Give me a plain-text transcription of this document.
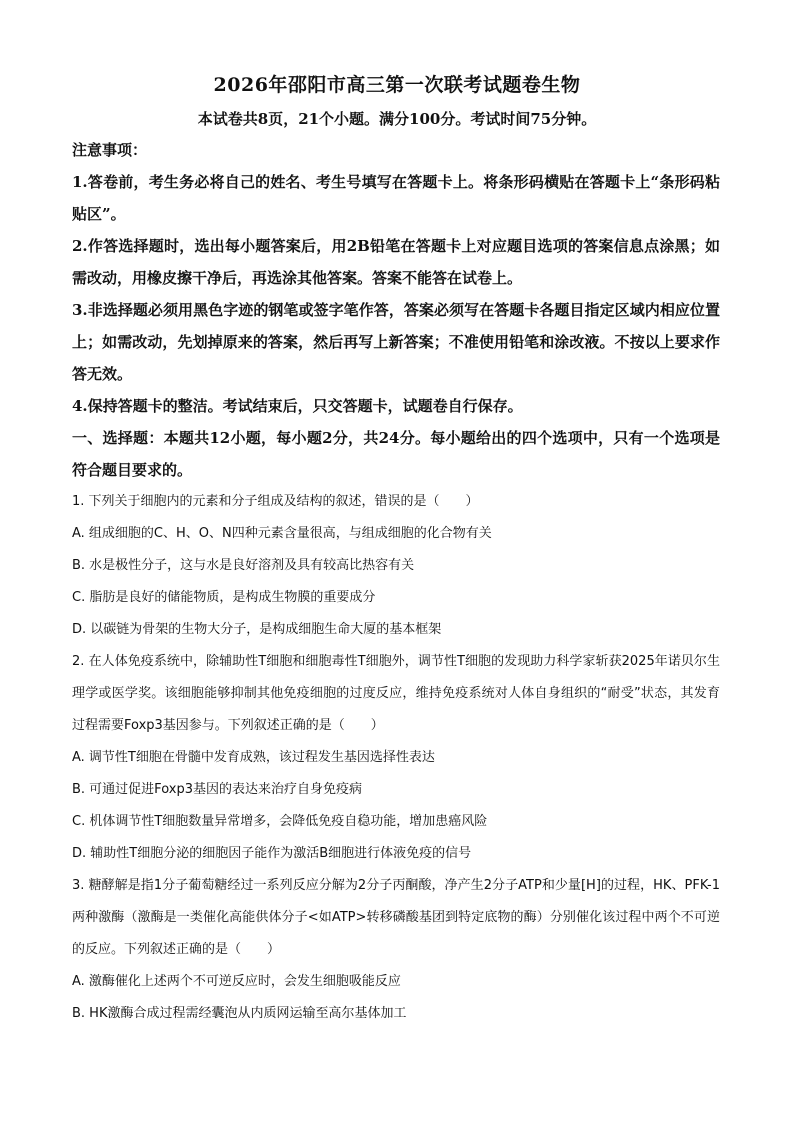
2026年邵阳市高三第一次联考试题卷生物
本试卷共8页，21个小题。满分100分。考试时间75分钟。
注意事项：
1.答卷前，考生务必将自己的姓名、考生号填写在答题卡上。将条形码横贴在答题卡上“条形码粘贴区”。
2.作答选择题时，选出每小题答案后，用2B铅笔在答题卡上对应题目选项的答案信息点涂黑；如需改动，用橡皮擦干净后，再选涂其他答案。答案不能答在试卷上。
3.非选择题必须用黑色字迹的钢笔或签字笔作答，答案必须写在答题卡各题目指定区域内相应位置上；如需改动，先划掉原来的答案，然后再写上新答案；不准使用铅笔和涂改液。不按以上要求作答无效。
4.保持答题卡的整洁。考试结束后，只交答题卡，试题卷自行保存。
一、选择题：本题共12小题，每小题2分，共24分。每小题给出的四个选项中，只有一个选项是符合题目要求的。
1. 下列关于细胞内的元素和分子组成及结构的叙述，错误的是（　　）
A. 组成细胞的C、H、O、N四种元素含量很高，与组成细胞的化合物有关
B. 水是极性分子，这与水是良好溶剂及具有较高比热容有关
C. 脂肪是良好的储能物质，是构成生物膜的重要成分
D. 以碳链为骨架的生物大分子，是构成细胞生命大厦的基本框架
2. 在人体免疫系统中，除辅助性T细胞和细胞毒性T细胞外，调节性T细胞的发现助力科学家斩获2025年诺贝尔生理学或医学奖。该细胞能够抑制其他免疫细胞的过度反应，维持免疫系统对人体自身组织的“耐受”状态，其发育过程需要Foxp3基因参与。下列叙述正确的是（　　）
A. 调节性T细胞在骨髓中发育成熟，该过程发生基因选择性表达
B. 可通过促进Foxp3基因的表达来治疗自身免疫病
C. 机体调节性T细胞数量异常增多，会降低免疫自稳功能，增加患癌风险
D. 辅助性T细胞分泌的细胞因子能作为激活B细胞进行体液免疫的信号
3. 糖酵解是指1分子葡萄糖经过一系列反应分解为2分子丙酮酸，净产生2分子ATP和少量[H]的过程，HK、PFK-1两种激酶（激酶是一类催化高能供体分子<如ATP>转移磷酸基团到特定底物的酶）分别催化该过程中两个不可逆的反应。下列叙述正确的是（　　）
A. 激酶催化上述两个不可逆反应时，会发生细胞吸能反应
B. HK激酶合成过程需经囊泡从内质网运输至高尔基体加工
